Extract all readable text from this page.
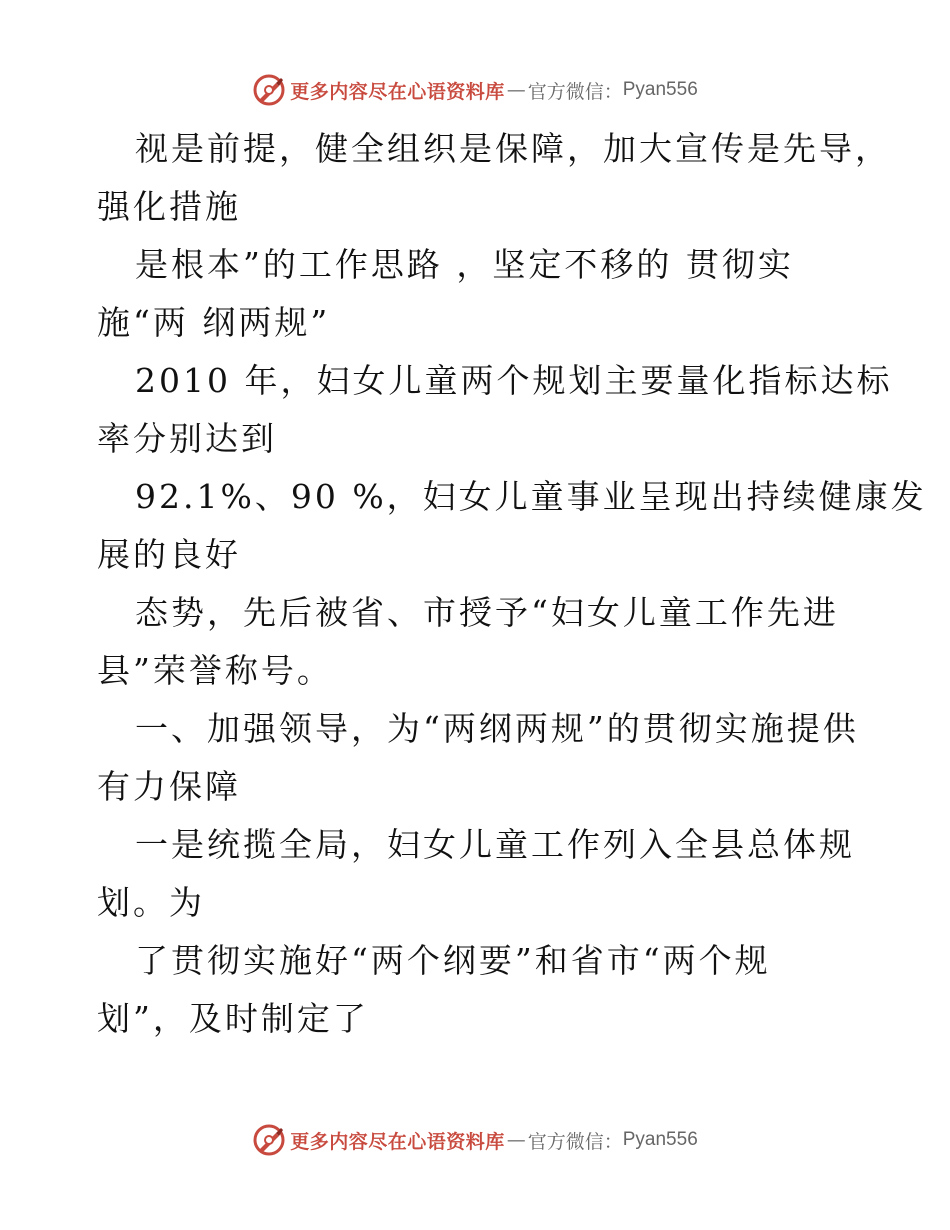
更多内容尽在心语资料库 — 官方微信： Pyan556
视是前提，健全组织是保障，加大宣传是先导，
强化措施
是根本”的工作思路 ，坚定不移的 贯彻实
施“两 纲两规”
2010 年，妇女儿童两个规划主要量化指标达标
率分别达到
92.1%、90 %，妇女儿童事业呈现出持续健康发
展的良好
态势，先后被省、市授予“妇女儿童工作先进
县”荣誉称号。
一、加强领导，为“两纲两规”的贯彻实施提供
有力保障
一是统揽全局，妇女儿童工作列入全县总体规
划。为
了贯彻实施好“两个纲要”和省市“两个规
划”，及时制定了
更多内容尽在心语资料库 — 官方微信： Pyan556
